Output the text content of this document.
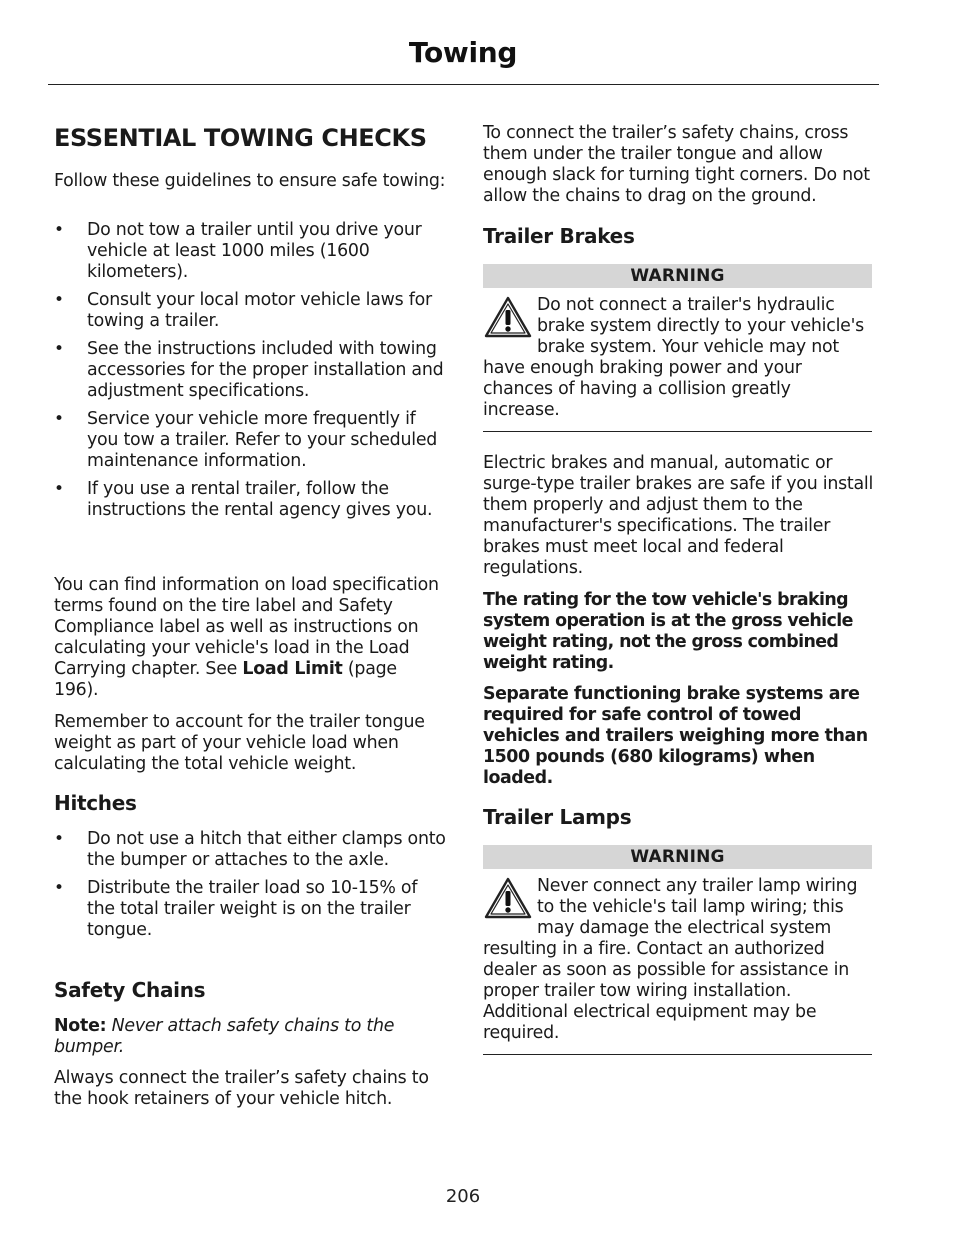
Towing
ESSENTIAL TOWING CHECKS

Follow these guidelines to ensure safe towing:

• Do not tow a trailer until you drive your vehicle at least 1000 miles (1600 kilometers).
• Consult your local motor vehicle laws for towing a trailer.
• See the instructions included with towing accessories for the proper installation and adjustment specifications.
• Service your vehicle more frequently if you tow a trailer. Refer to your scheduled maintenance information.
• If you use a rental trailer, follow the instructions the rental agency gives you.

You can find information on load specification terms found on the tire label and Safety Compliance label as well as instructions on calculating your vehicle's load in the Load Carrying chapter. See Load Limit (page 196).

Remember to account for the trailer tongue weight as part of your vehicle load when calculating the total vehicle weight.

Hitches
• Do not use a hitch that either clamps onto the bumper or attaches to the axle.
• Distribute the trailer load so 10-15% of the total trailer weight is on the trailer tongue.
Safety Chains

Note: Never attach safety chains to the bumper.

Always connect the trailer’s safety chains to the hook retainers of your vehicle hitch.

To connect the trailer’s safety chains, cross them under the trailer tongue and allow enough slack for turning tight corners. Do not allow the chains to drag on the ground.

Trailer Brakes
WARNING

Do not connect a trailer's hydraulic brake system directly to your vehicle's brake system. Your vehicle may not have enough braking power and your chances of having a collision greatly increase.

Electric brakes and manual, automatic or surge-type trailer brakes are safe if you install them properly and adjust them to the manufacturer's specifications. The trailer brakes must meet local and federal regulations.

The rating for the tow vehicle's braking system operation is at the gross vehicle weight rating, not the gross combined weight rating.

Separate functioning brake systems are required for safe control of towed vehicles and trailers weighing more than 1500 pounds (680 kilograms) when loaded.

Trailer Lamps
WARNING

Never connect any trailer lamp wiring to the vehicle's tail lamp wiring; this may damage the electrical system resulting in a fire. Contact an authorized dealer as soon as possible for assistance in proper trailer tow wiring installation. Additional electrical equipment may be required.

206
